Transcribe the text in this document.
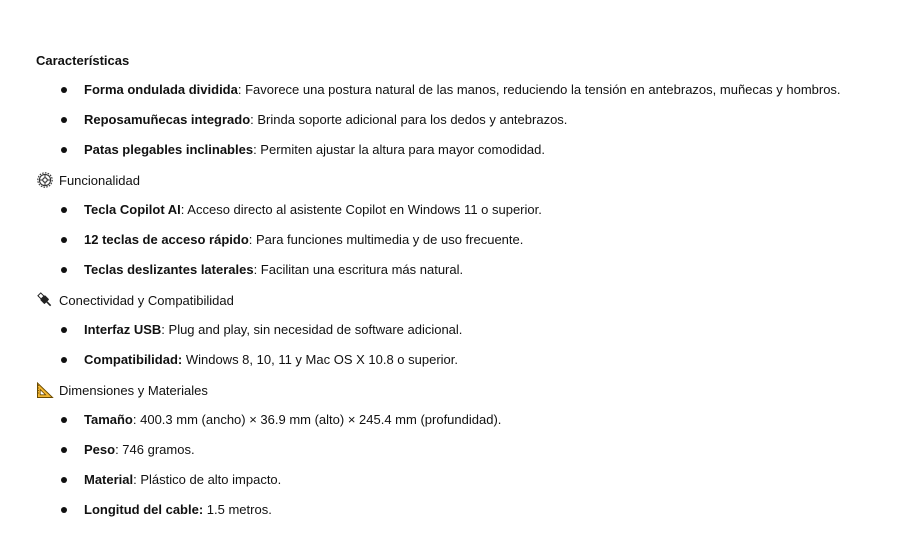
Características
Forma ondulada dividida: Favorece una postura natural de las manos, reduciendo la tensión en antebrazos, muñecas y hombros.
Reposamuñecas integrado: Brinda soporte adicional para los dedos y antebrazos.
Patas plegables inclinables: Permiten ajustar la altura para mayor comodidad.
Funcionalidad
Tecla Copilot AI: Acceso directo al asistente Copilot en Windows 11 o superior.
12 teclas de acceso rápido: Para funciones multimedia y de uso frecuente.
Teclas deslizantes laterales: Facilitan una escritura más natural.
Conectividad y Compatibilidad
Interfaz USB: Plug and play, sin necesidad de software adicional.
Compatibilidad: Windows 8, 10, 11 y Mac OS X 10.8 o superior.
Dimensiones y Materiales
Tamaño: 400.3 mm (ancho) × 36.9 mm (alto) × 245.4 mm (profundidad).
Peso: 746 gramos.
Material: Plástico de alto impacto.
Longitud del cable: 1.5 metros.
